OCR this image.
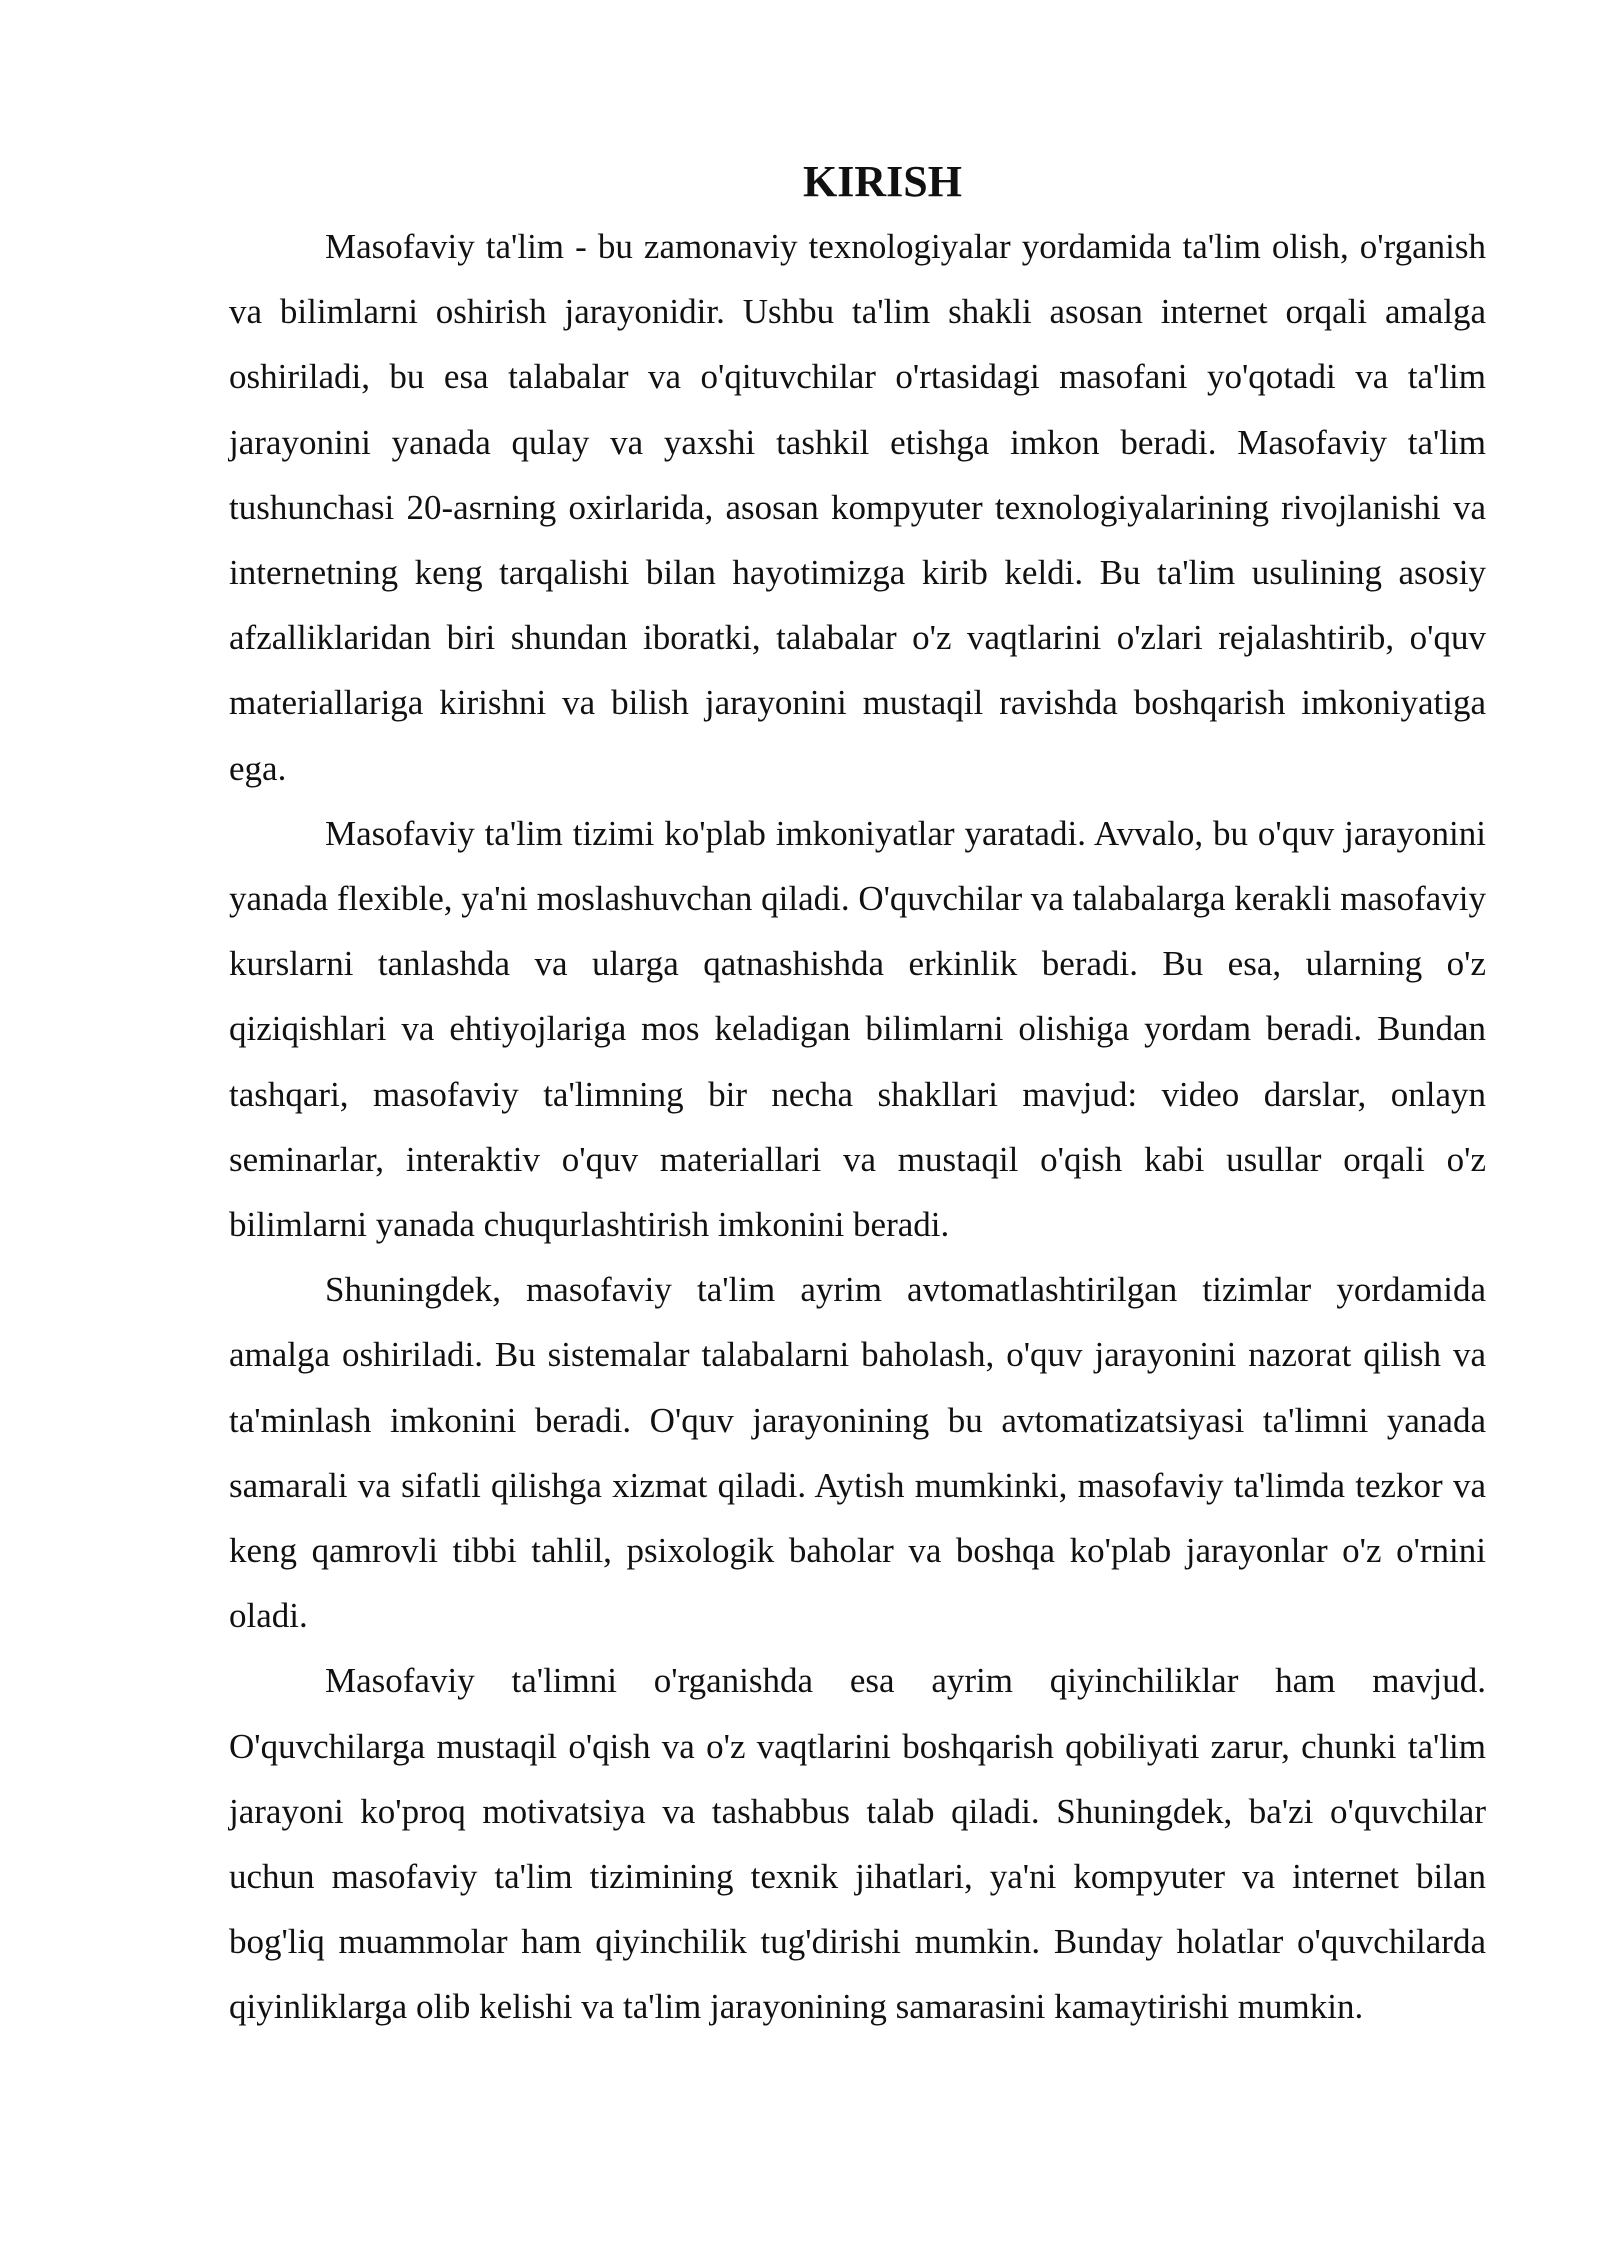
KIRISH

Masofaviy ta'lim - bu zamonaviy texnologiyalar yordamida ta'lim olish, o'rganish va bilimlarni oshirish jarayonidir. Ushbu ta'lim shakli asosan internet orqali amalga oshiriladi, bu esa talabalar va o'qituvchilar o'rtasidagi masofani yo'qotadi va ta'lim jarayonini yanada qulay va yaxshi tashkil etishga imkon beradi. Masofaviy ta'lim tushunchasi 20-asrning oxirlarida, asosan kompyuter texnologiyalarining rivojlanishi va internetning keng tarqalishi bilan hayotimizga kirib keldi. Bu ta'lim usulining asosiy afzalliklaridan biri shundan iboratki, talabalar o'z vaqtlarini o'zlari rejalashtirib, o'quv materiallariga kirishni va bilish jarayonini mustaqil ravishda boshqarish imkoniyatiga ega.

Masofaviy ta'lim tizimi ko'plab imkoniyatlar yaratadi. Avvalo, bu o'quv jarayonini yanada flexible, ya'ni moslashuvchan qiladi. O'quvchilar va talabalarga kerakli masofaviy kurslarni tanlashda va ularga qatnashishda erkinlik beradi. Bu esa, ularning o'z qiziqishlari va ehtiyojlariga mos keladigan bilimlarni olishiga yordam beradi. Bundan tashqari, masofaviy ta'limning bir necha shakllari mavjud: video darslar, onlayn seminarlar, interaktiv o'quv materiallari va mustaqil o'qish kabi usullar orqali o'z bilimlarni yanada chuqurlashtirish imkonini beradi.

Shuningdek, masofaviy ta'lim ayrim avtomatlashtirilgan tizimlar yordamida amalga oshiriladi. Bu sistemalar talabalarni baholash, o'quv jarayonini nazorat qilish va ta'minlash imkonini beradi. O'quv jarayonining bu avtomatizatsiyasi ta'limni yanada samarali va sifatli qilishga xizmat qiladi. Aytish mumkinki, masofaviy ta'limda tezkor va keng qamrovli tibbi tahlil, psixologik baholar va boshqa ko'plab jarayonlar o'z o'rnini oladi.

Masofaviy ta'limni o'rganishda esa ayrim qiyinchiliklar ham mavjud. O'quvchilarga mustaqil o'qish va o'z vaqtlarini boshqarish qobiliyati zarur, chunki ta'lim jarayoni ko'proq motivatsiya va tashabbus talab qiladi. Shuningdek, ba'zi o'quvchilar uchun masofaviy ta'lim tizimining texnik jihatlari, ya'ni kompyuter va internet bilan bog'liq muammolar ham qiyinchilik tug'dirishi mumkin. Bunday holatlar o'quvchilarda qiyinliklarga olib kelishi va ta'lim jarayonining samarasini kamaytirishi mumkin.
